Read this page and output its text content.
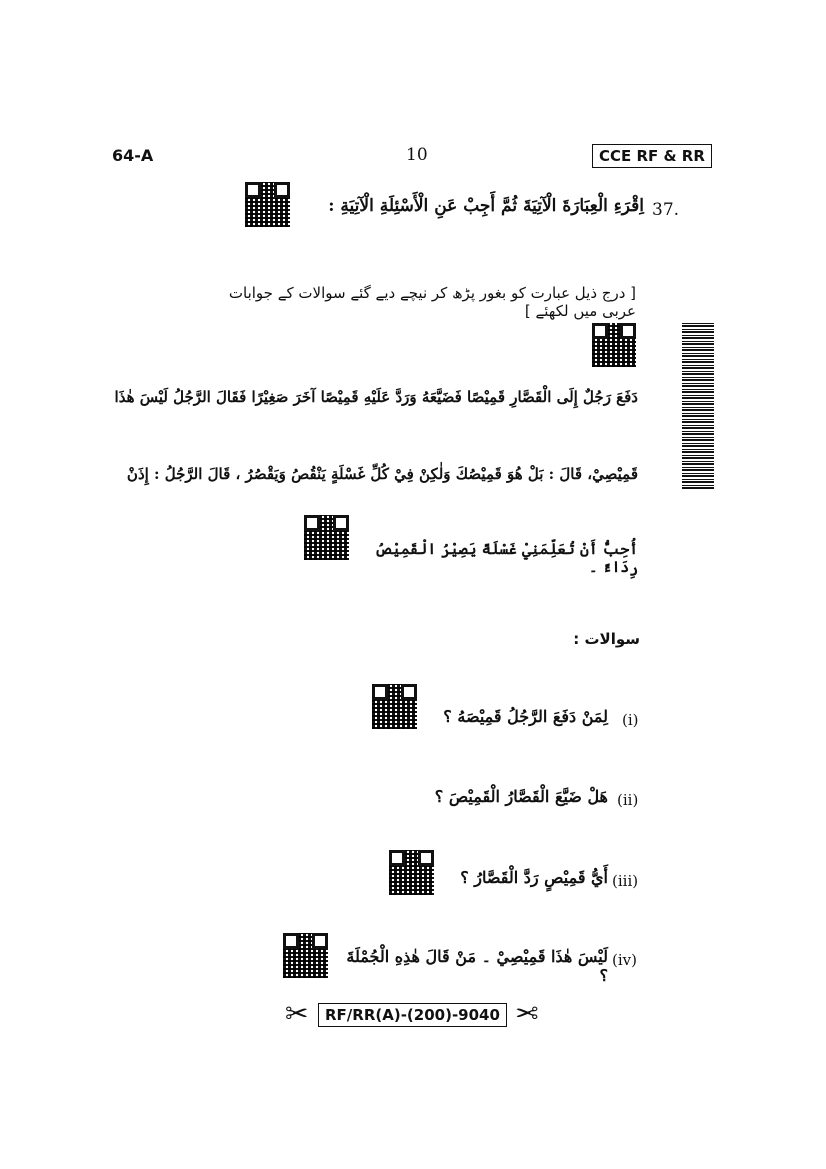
64-A	10	CCE RF & RR
37.
اِقْرَءِ الْعِبَارَةَ الْآتِيَةَ ثُمَّ أَجِبْ عَنِ الْأَسْئِلَةِ الْآتِيَةِ :
[ درج ذیل عبارت کو بغور پڑھ کر نیچے دیے گئے سوالات کے جوابات عربی میں لکھئے ]
دَفَعَ رَجُلٌ إِلَى الْقَصَّارِ قَمِيْصًا فَضَيَّعَهُ وَرَدَّ عَلَيْهِ قَمِيْصًا آخَرَ صَغِيْرًا فَقَالَ الرَّجُلُ لَيْسَ هٰذَا
قَمِيْصِيْ، قَالَ : بَلْ هُوَ قَمِيْصُكَ وَلٰكِنْ فِيْ كُلِّ غَسْلَةٍ يَنْقُصُ وَيَقْصُرُ ، قَالَ الرَّجُلُ : إِذَنْ
أُحِبُّ أَنْ تُعَلِّمَنِيْ غَسْلَةً يَصِيْرُ الْقَمِيْصُ رِدَاءً ۔
سوالات :
(i)
لِمَنْ دَفَعَ الرَّجُلُ قَمِيْصَهُ ؟
(ii)
هَلْ ضَيَّعَ الْقَصَّارُ الْقَمِيْصَ ؟
(iii)
أَيُّ قَمِيْصٍ رَدَّ الْقَصَّارُ ؟
(iv)
لَيْسَ هٰذَا قَمِيْصِيْ ۔ مَنْ قَالَ هٰذِهِ الْجُمْلَةَ ؟
✂	RF/RR(A)-(200)-9040 ✂
